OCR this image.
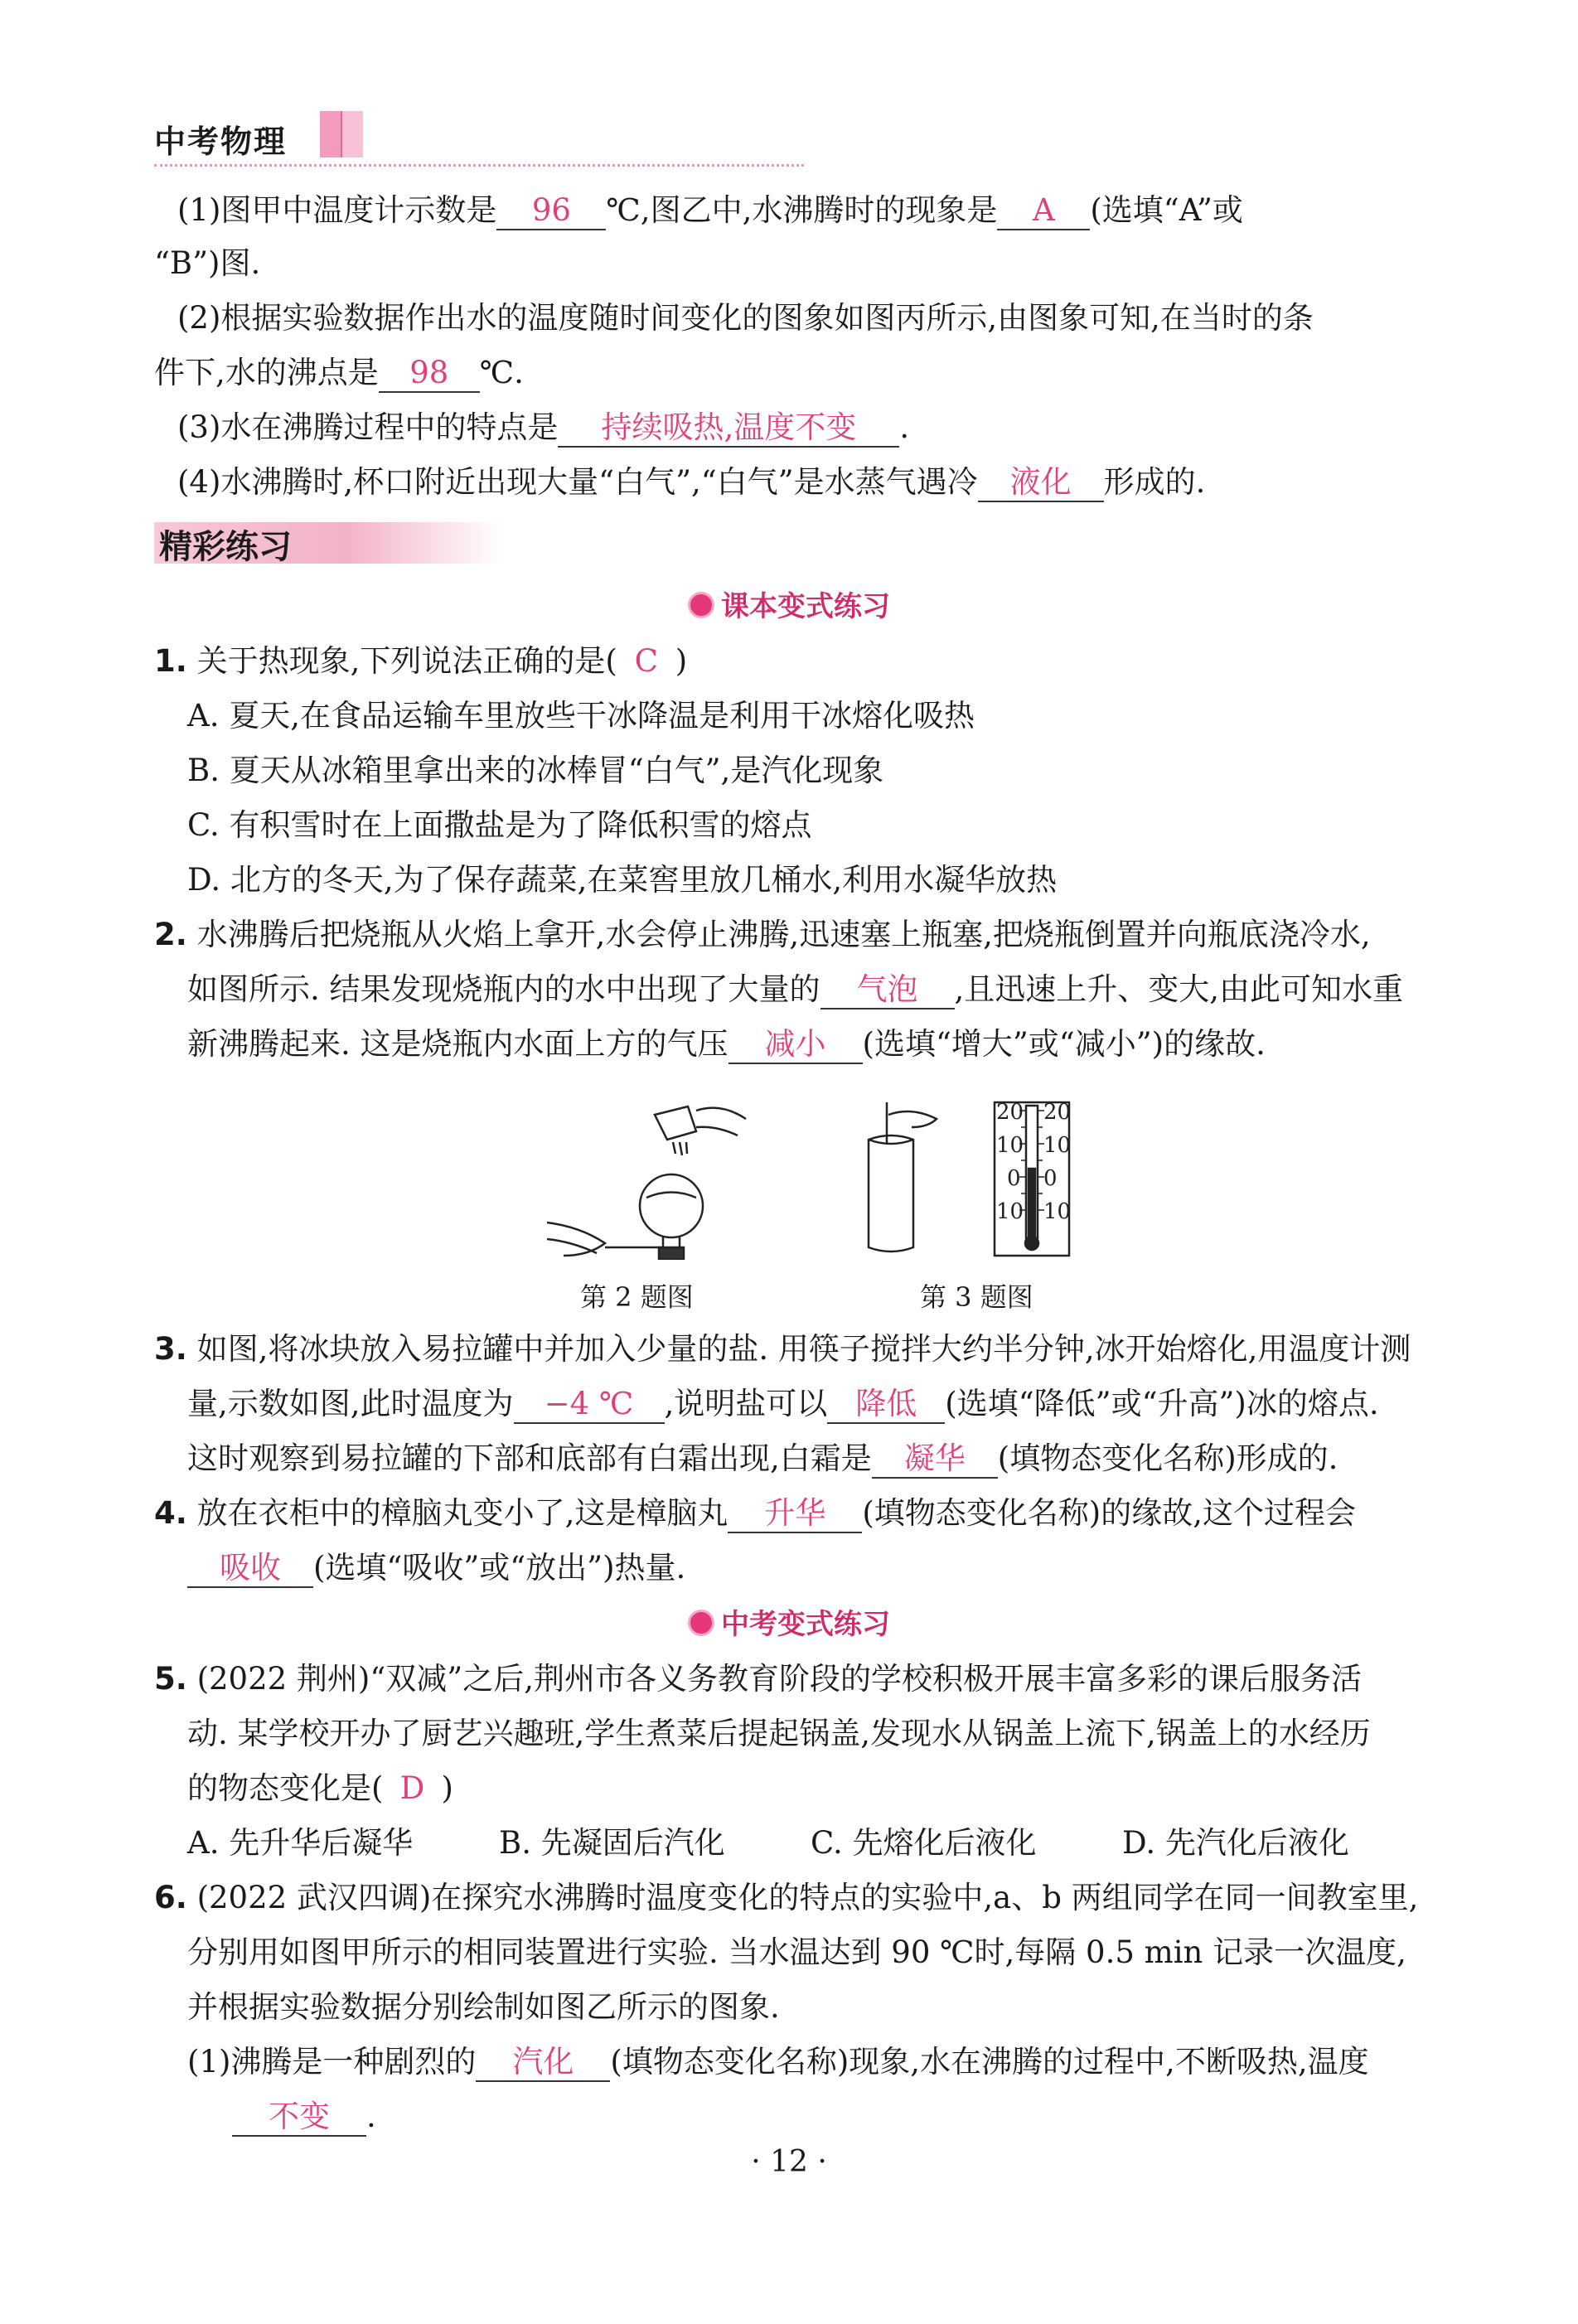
中考物理
(1)图甲中温度计示数是 96 ℃,图乙中,水沸腾时的现象是 A (选填“A”或
“B”)图.
(2)根据实验数据作出水的温度随时间变化的图象如图丙所示,由图象可知,在当时的条
件下,水的沸点是 98 ℃.
(3)水在沸腾过程中的特点是 持续吸热,温度不变 .
(4)水沸腾时,杯口附近出现大量“白气”,“白气”是水蒸气遇冷 液化 形成的.
精彩练习
课本变式练习
1. 关于热现象,下列说法正确的是( C )
A. 夏天,在食品运输车里放些干冰降温是利用干冰熔化吸热
B. 夏天从冰箱里拿出来的冰棒冒“白气”,是汽化现象
C. 有积雪时在上面撒盐是为了降低积雪的熔点
D. 北方的冬天,为了保存蔬菜,在菜窖里放几桶水,利用水凝华放热
2. 水沸腾后把烧瓶从火焰上拿开,水会停止沸腾,迅速塞上瓶塞,把烧瓶倒置并向瓶底浇冷水,
如图所示. 结果发现烧瓶内的水中出现了大量的 气泡 ,且迅速上升、变大,由此可知水重
新沸腾起来. 这是烧瓶内水面上方的气压 减小 (选填“增大”或“减小”)的缘故.
第 2 题图
20
10
0
10
20
10
0
10
第 3 题图
3. 如图,将冰块放入易拉罐中并加入少量的盐. 用筷子搅拌大约半分钟,冰开始熔化,用温度计测
量,示数如图,此时温度为 −4 ℃ ,说明盐可以 降低 (选填“降低”或“升高”)冰的熔点.
这时观察到易拉罐的下部和底部有白霜出现,白霜是 凝华 (填物态变化名称)形成的.
4. 放在衣柜中的樟脑丸变小了,这是樟脑丸 升华 (填物态变化名称)的缘故,这个过程会
吸收 (选填“吸收”或“放出”)热量.
中考变式练习
5. (2022 荆州)“双减”之后,荆州市各义务教育阶段的学校积极开展丰富多彩的课后服务活
动. 某学校开办了厨艺兴趣班,学生煮菜后提起锅盖,发现水从锅盖上流下,锅盖上的水经历
的物态变化是( D )
A. 先升华后凝华	B. 先凝固后汽化	C. 先熔化后液化	D. 先汽化后液化
6. (2022 武汉四调)在探究水沸腾时温度变化的特点的实验中,a、b 两组同学在同一间教室里,
分别用如图甲所示的相同装置进行实验. 当水温达到 90 ℃时,每隔 0.5 min 记录一次温度,
并根据实验数据分别绘制如图乙所示的图象.
(1)沸腾是一种剧烈的 汽化 (填物态变化名称)现象,水在沸腾的过程中,不断吸热,温度
不变 .
· 12 ·
